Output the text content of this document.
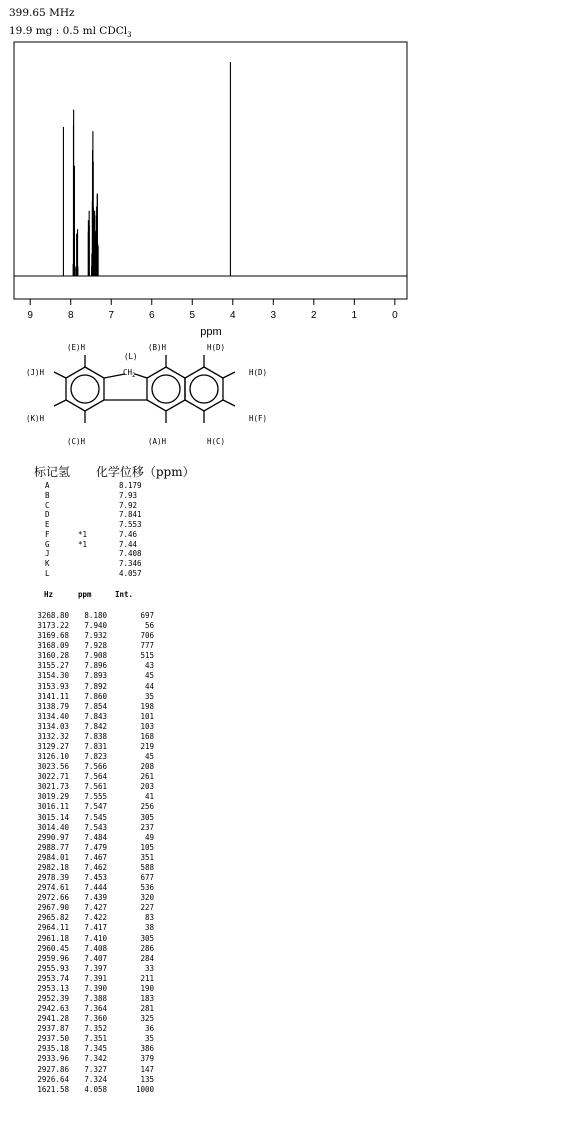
399.65 MHz
19.9 mg : 0.5 ml CDCl$_3$
9	8	7	6	5	4	3	2	1	0
ppm
(E)H
(L)
$CH_2$
(B)H	H(D)
(J)H	H(D)
(K)H	H(F)
(C)H	(A)H	H(C)
标记氢 化学位移（ppm）
A	8.179
B	7.93
C	7.92
D	7.841
E	7.553
F	*1	7.46
G	*1	7.44
J	7.408
K	7.346
L	4.057
Hz	ppm	Int.
3268.80	8.180	697
3173.22	7.940	56
3169.68	7.932	706
3168.09	7.928	777
3160.28	7.908	515
3155.27	7.896	43
3154.30	7.893	45
3153.93	7.892	44
3141.11	7.860	35
3138.79	7.854	198
3134.40	7.843	101
3134.03	7.842	103
3132.32	7.838	168
3129.27	7.831	219
3126.10	7.823	45
3023.56	7.566	208
3022.71	7.564	261
3021.73	7.561	203
3019.29	7.555	41
3016.11	7.547	256
3015.14	7.545	305
3014.40	7.543	237
2990.97	7.484	49
2988.77	7.479	105
2984.01	7.467	351
2982.18	7.462	588
2978.39	7.453	677
2974.61	7.444	536
2972.66	7.439	320
2967.90	7.427	227
2965.82	7.422	83
2964.11	7.417	38
2961.18	7.410	305
2960.45	7.408	286
2959.96	7.407	284
2955.93	7.397	33
2953.74	7.391	211
2953.13	7.390	190
2952.39	7.388	183
2942.63	7.364	281
2941.28	7.360	325
2937.87	7.352	36
2937.50	7.351	35
2935.18	7.345	386
2933.96	7.342	379
2927.86	7.327	147
2926.64	7.324	135
1621.58	4.058	1000
